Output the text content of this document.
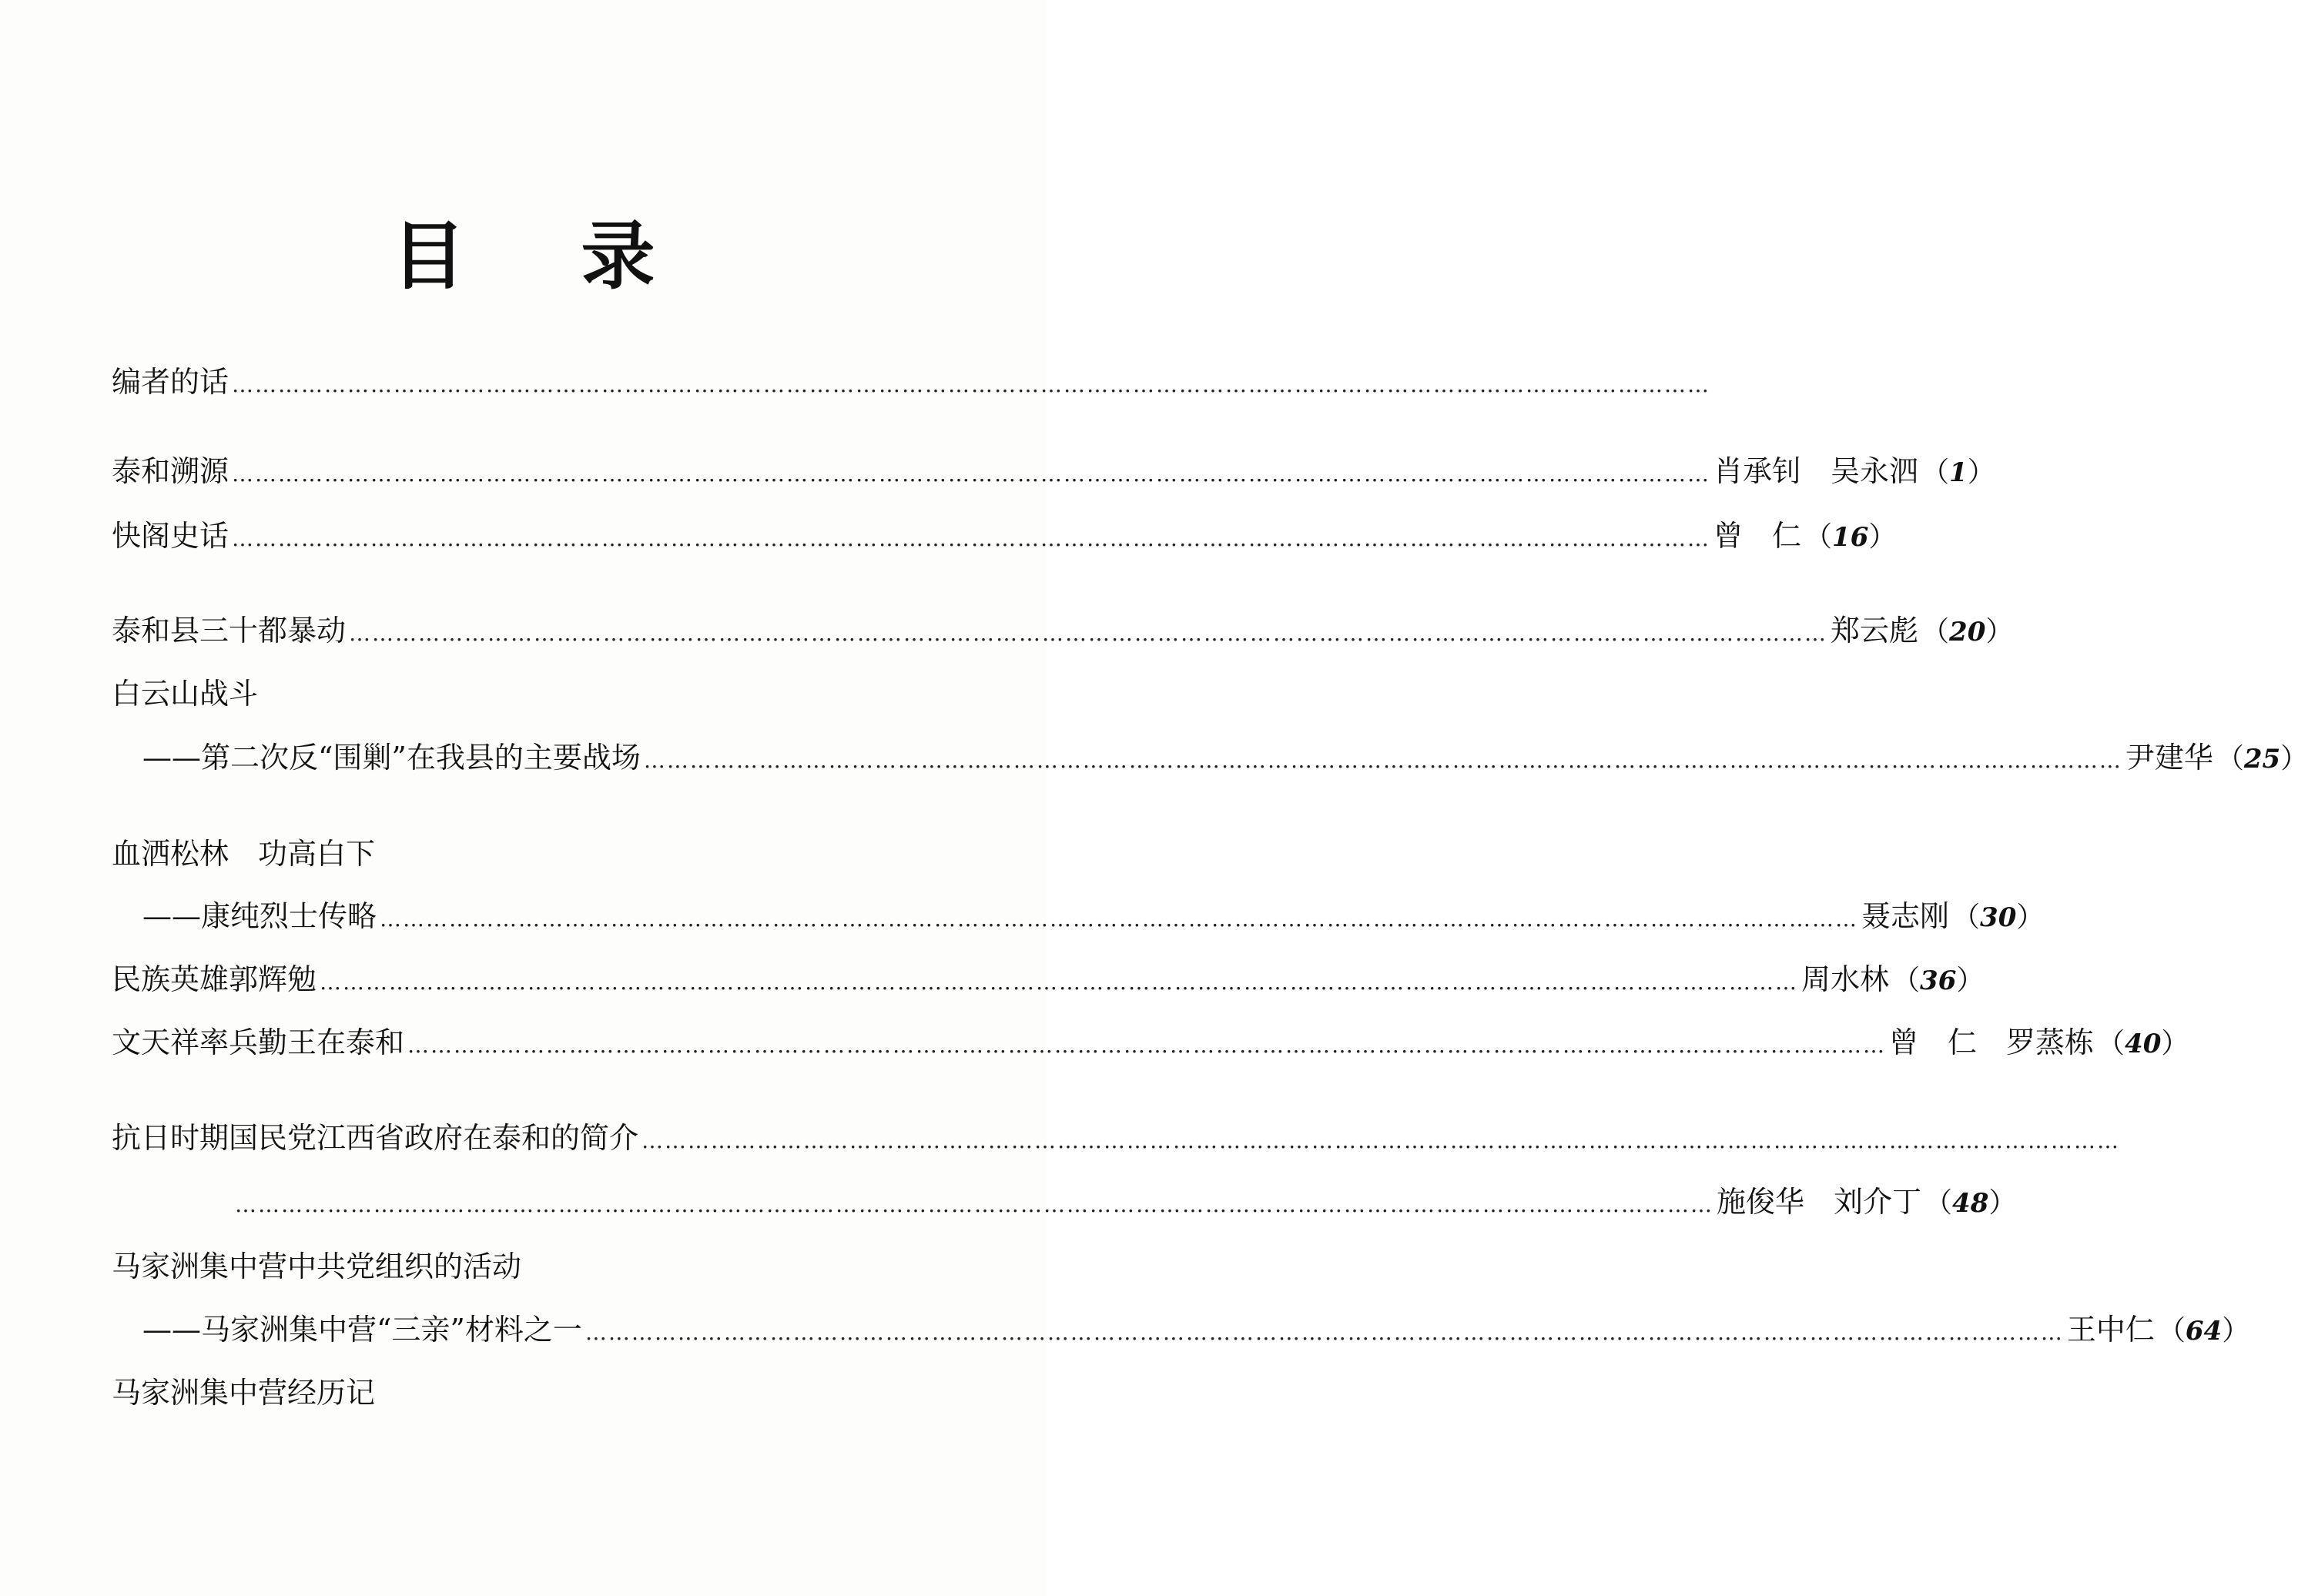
目 录
编者的话 …………………………………………………………………………………………………………………………………………………………………………
泰和溯源 ………………………………………………………………………………………………………………………………………………………………………… 肖承钊　吴永泗 （1）
快阁史话 ………………………………………………………………………………………………………………………………………………………………………… 曾　仁 （16）
泰和县三十都暴动 ………………………………………………………………………………………………………………………………………………………………………… 郑云彪 （20）
白云山战斗
——第二次反“围剿”在我县的主要战场 ………………………………………………………………………………………………………………………………………………………………………… 尹建华 （25）
血洒松林　功高白下
——康纯烈士传略 ………………………………………………………………………………………………………………………………………………………………………… 聂志刚 （30）
民族英雄郭辉勉 ………………………………………………………………………………………………………………………………………………………………………… 周水林 （36）
文天祥率兵勤王在泰和 ………………………………………………………………………………………………………………………………………………………………………… 曾　仁　罗蒸栋 （40）
抗日时期国民党江西省政府在泰和的简介 …………………………………………………………………………………………………………………………………………………………………………
………………………………………………………………………………………………………………………………………………………………………… 施俊华　刘介丁 （48）
马家洲集中营中共党组织的活动
——马家洲集中营“三亲”材料之一 ………………………………………………………………………………………………………………………………………………………………………… 王中仁 （64）
马家洲集中营经历记
